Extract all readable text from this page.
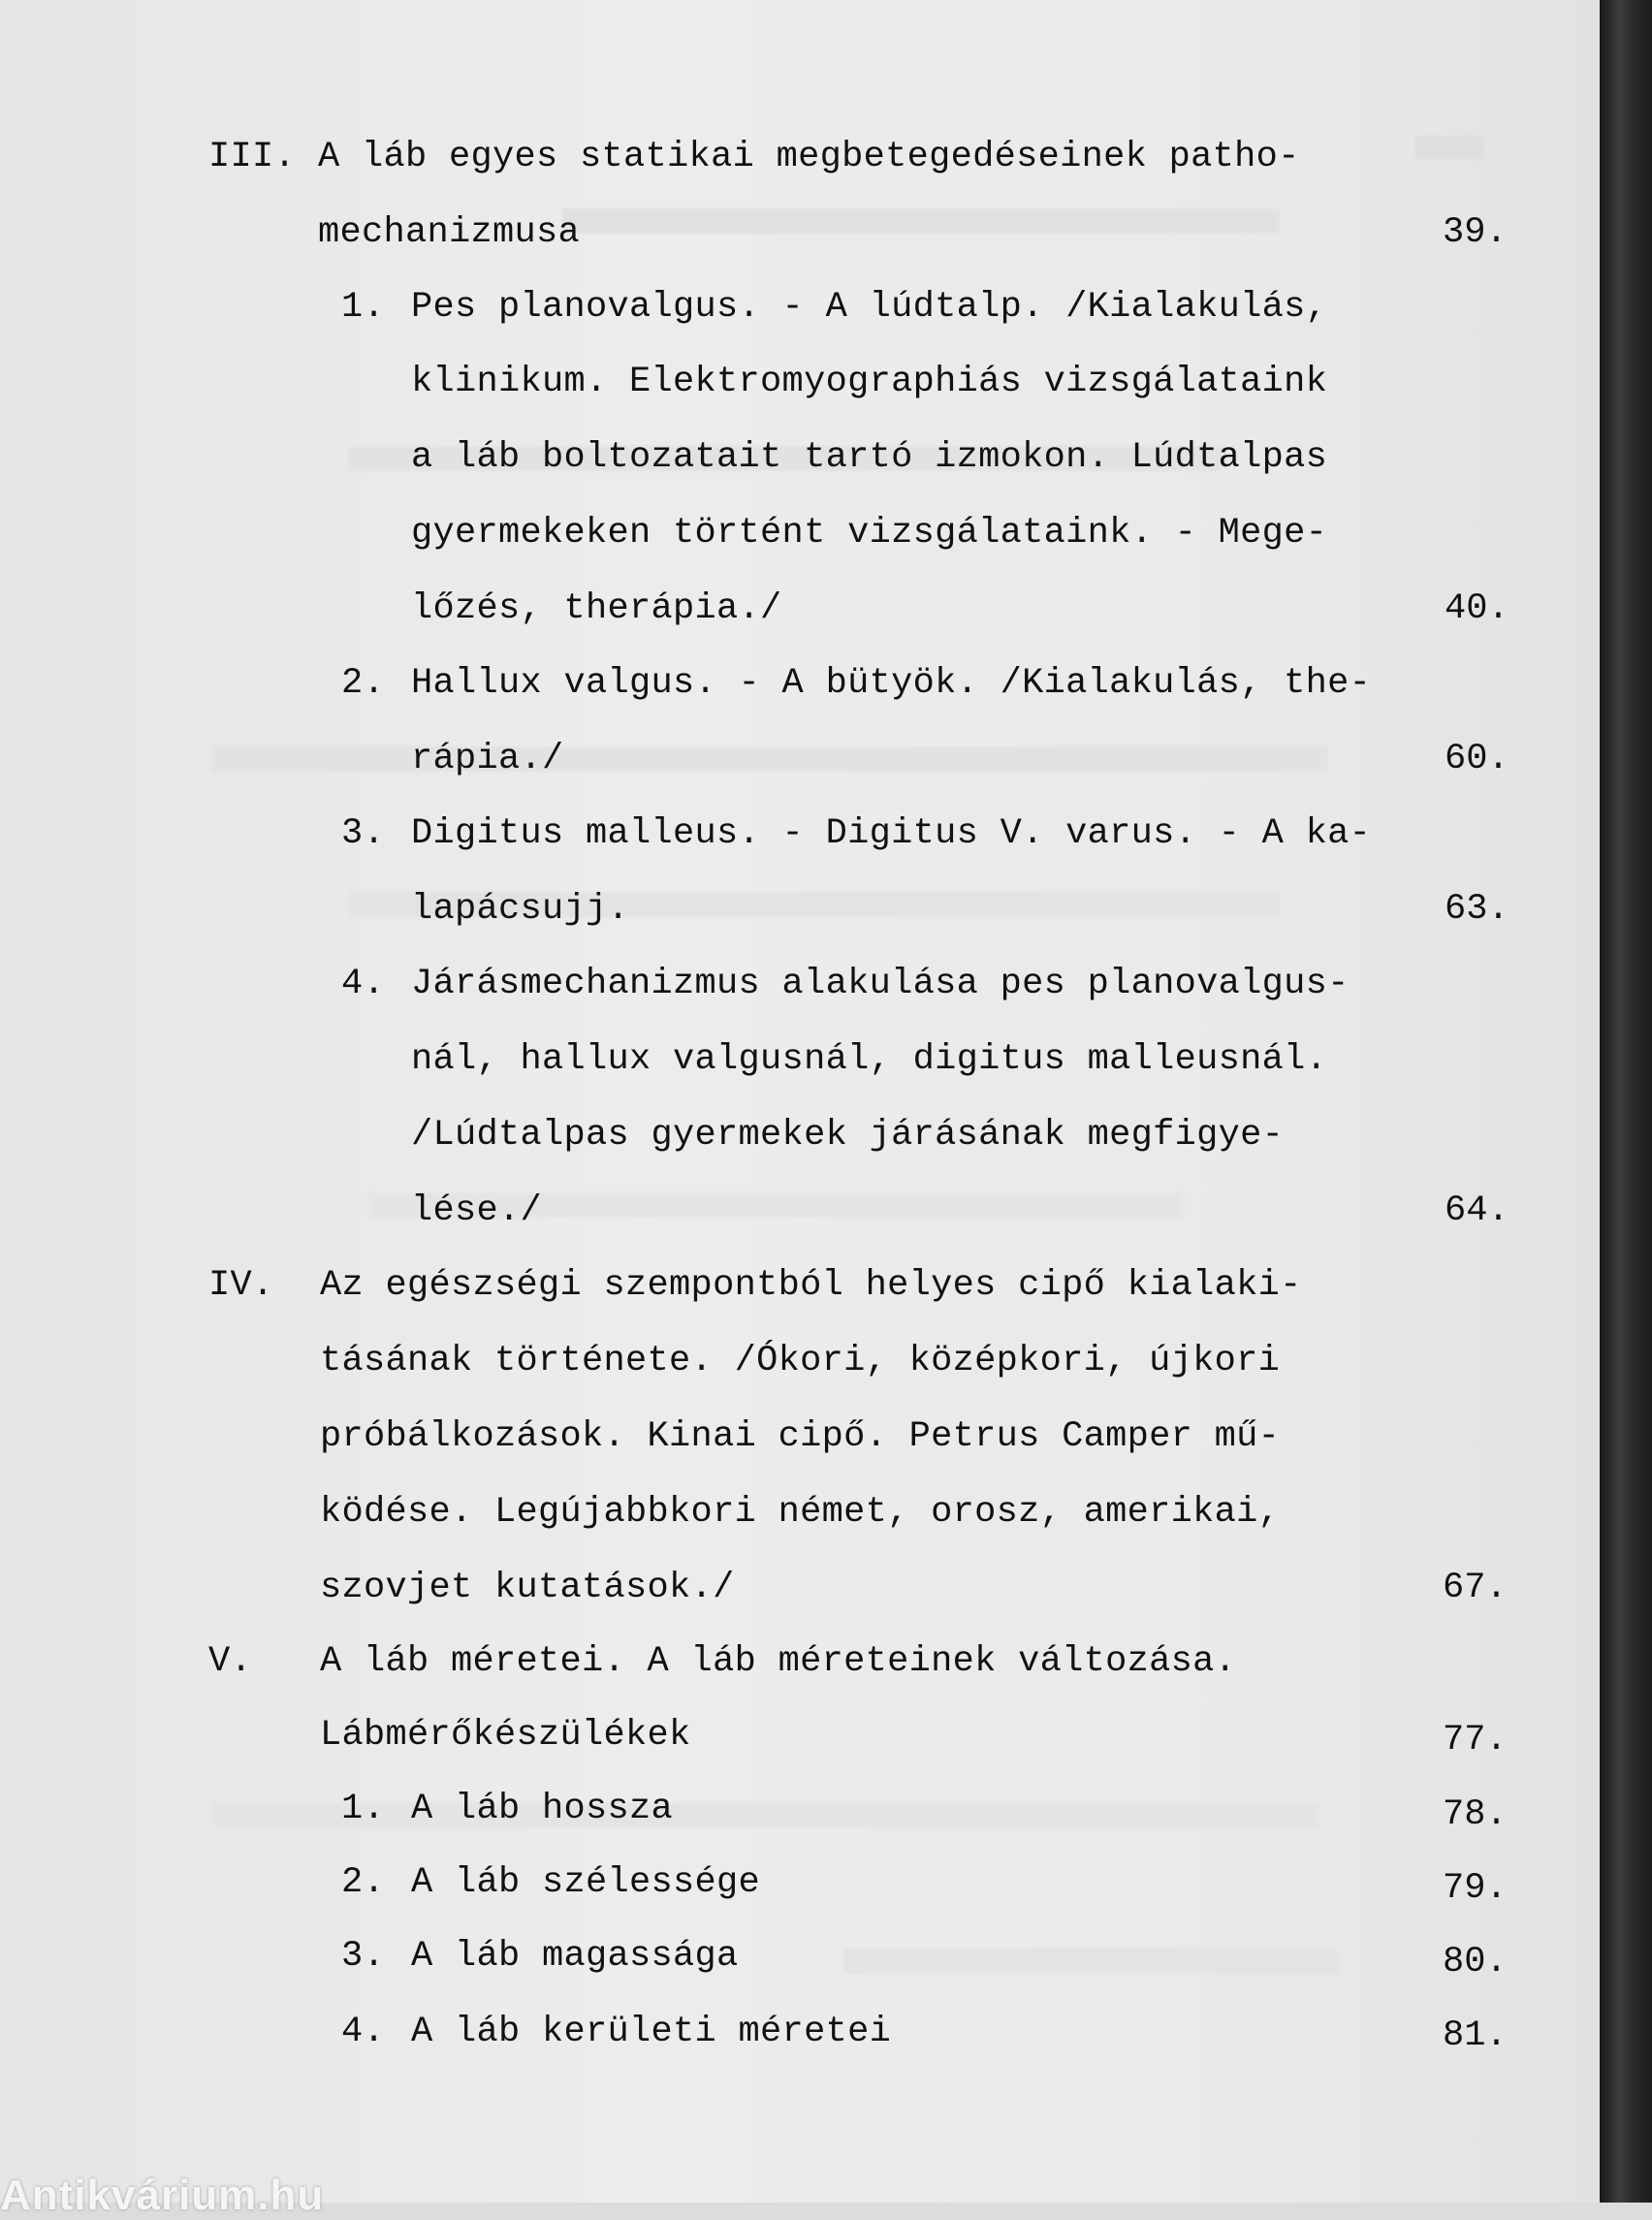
III. A láb egyes statikai megbetegedéseinek patho-
mechanizmusa	39.
1. Pes planovalgus. - A lúdtalp. /Kialakulás,
klinikum. Elektromyographiás vizsgálataink
a láb boltozatait tartó izmokon. Lúdtalpas
gyermekeken történt vizsgálataink. - Mege-
lőzés, therápia./	40.
2. Hallux valgus. - A bütyök. /Kialakulás, the-
rápia./	60.
3. Digitus malleus. - Digitus V. varus. - A ka-
lapácsujj.	63.
4. Járásmechanizmus alakulása pes planovalgus-
nál, hallux valgusnál, digitus malleusnál.
/Lúdtalpas gyermekek járásának megfigye-
lése./	64.
IV. Az egészségi szempontból helyes cipő kialaki-
tásának története. /Ókori, középkori, újkori
próbálkozások. Kinai cipő. Petrus Camper mű-
ködése. Legújabbkori német, orosz, amerikai,
szovjet kutatások./	67.
V. A láb méretei. A láb méreteinek változása.
Lábmérőkészülékek	77.
1. A láb hossza	78.
2. A láb szélessége	79.
3. A láb magassága	80.
4. A láb kerületi méretei	81.
Antikvárium.hu
